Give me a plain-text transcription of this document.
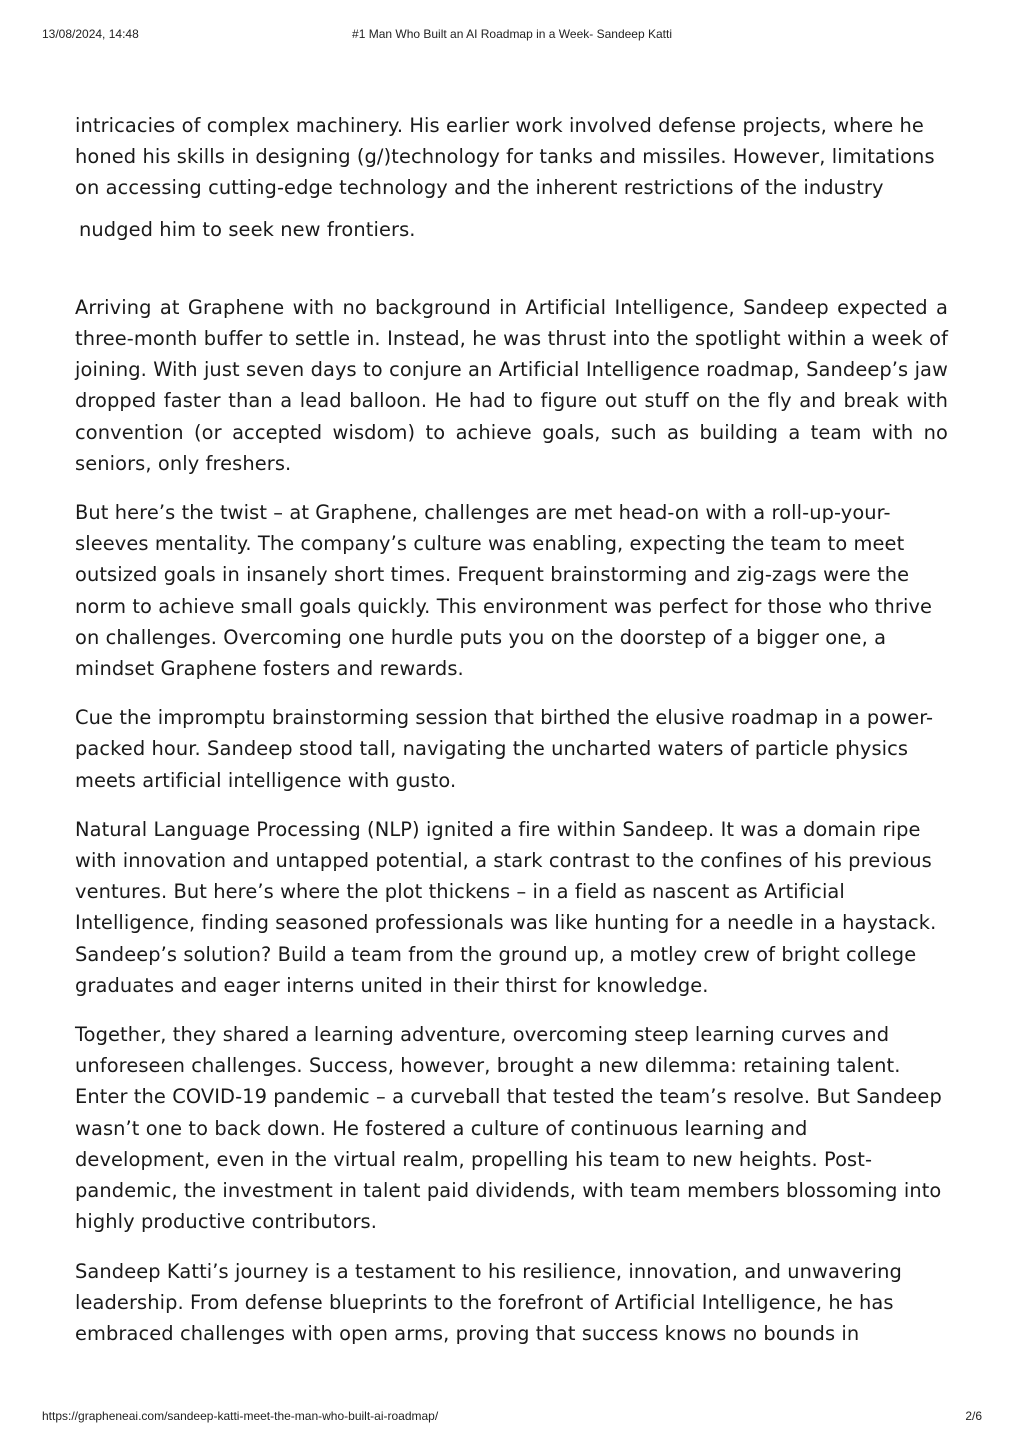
13/08/2024, 14:48	#1 Man Who Built an AI Roadmap in a Week- Sandeep Katti

intricacies of complex machinery. His earlier work involved defense projects, where he honed his skills in designing (g/)technology for tanks and missiles. However, limitations on accessing cutting-edge technology and the inherent restrictions of the industry

nudged him to seek new frontiers.

Arriving at Graphene with no background in Artificial Intelligence, Sandeep expected a three-month buffer to settle in. Instead, he was thrust into the spotlight within a week of joining. With just seven days to conjure an Artificial Intelligence roadmap, Sandeep’s jaw dropped faster than a lead balloon. He had to figure out stuff on the fly and break with convention (or accepted wisdom) to achieve goals, such as building a team with no seniors, only freshers.

But here’s the twist – at Graphene, challenges are met head-on with a roll-up-your-sleeves mentality. The company’s culture was enabling, expecting the team to meet outsized goals in insanely short times. Frequent brainstorming and zig-zags were the norm to achieve small goals quickly. This environment was perfect for those who thrive on challenges. Overcoming one hurdle puts you on the doorstep of a bigger one, a mindset Graphene fosters and rewards.

Cue the impromptu brainstorming session that birthed the elusive roadmap in a power-packed hour. Sandeep stood tall, navigating the uncharted waters of particle physics meets artificial intelligence with gusto.

Natural Language Processing (NLP) ignited a fire within Sandeep. It was a domain ripe with innovation and untapped potential, a stark contrast to the confines of his previous ventures. But here’s where the plot thickens – in a field as nascent as Artificial Intelligence, finding seasoned professionals was like hunting for a needle in a haystack. Sandeep’s solution? Build a team from the ground up, a motley crew of bright college graduates and eager interns united in their thirst for knowledge.

Together, they shared a learning adventure, overcoming steep learning curves and unforeseen challenges. Success, however, brought a new dilemma: retaining talent. Enter the COVID-19 pandemic – a curveball that tested the team’s resolve. But Sandeep wasn’t one to back down. He fostered a culture of continuous learning and development, even in the virtual realm, propelling his team to new heights. Post-pandemic, the investment in talent paid dividends, with team members blossoming into highly productive contributors.

Sandeep Katti’s journey is a testament to his resilience, innovation, and unwavering leadership. From defense blueprints to the forefront of Artificial Intelligence, he has embraced challenges with open arms, proving that success knows no bounds in

https://grapheneai.com/sandeep-katti-meet-the-man-who-built-ai-roadmap/	2/6
